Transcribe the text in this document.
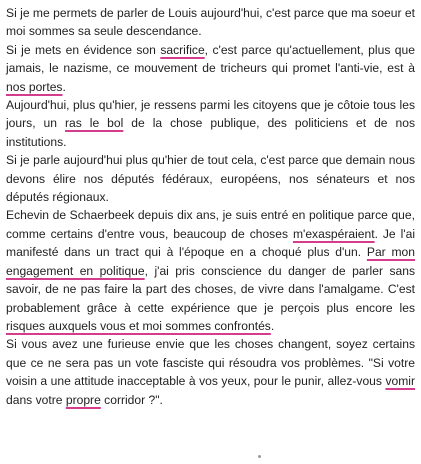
Si je me permets de parler de Louis aujourd'hui, c'est parce que ma soeur et moi sommes sa seule descendance.

Si je mets en évidence son sacrifice, c'est parce qu'actuellement, plus que jamais, le nazisme, ce mouvement de tricheurs qui promet l'anti-vie, est à nos portes.

Aujourd'hui, plus qu'hier, je ressens parmi les citoyens que je côtoie tous les jours, un ras le bol de la chose publique, des politiciens et de nos institutions.

Si je parle aujourd'hui plus qu'hier de tout cela, c'est parce que demain nous devons élire nos députés fédéraux, européens, nos sénateurs et nos députés régionaux.

Echevin de Schaerbeek depuis dix ans, je suis entré en politique parce que, comme certains d'entre vous, beaucoup de choses m'exaspéraient. Je l'ai manifesté dans un tract qui à l'époque en a choqué plus d'un. Par mon engagement en politique, j'ai pris conscience du danger de parler sans savoir, de ne pas faire la part des choses, de vivre dans l'amalgame. C'est probablement grâce à cette expérience que je perçois plus encore les risques auxquels vous et moi sommes confrontés.

Si vous avez une furieuse envie que les choses changent, soyez certains que ce ne sera pas un vote fasciste qui résoudra vos problèmes. "Si votre voisin a une attitude inacceptable à vos yeux, pour le punir, allez-vous vomir dans votre propre corridor ?".
